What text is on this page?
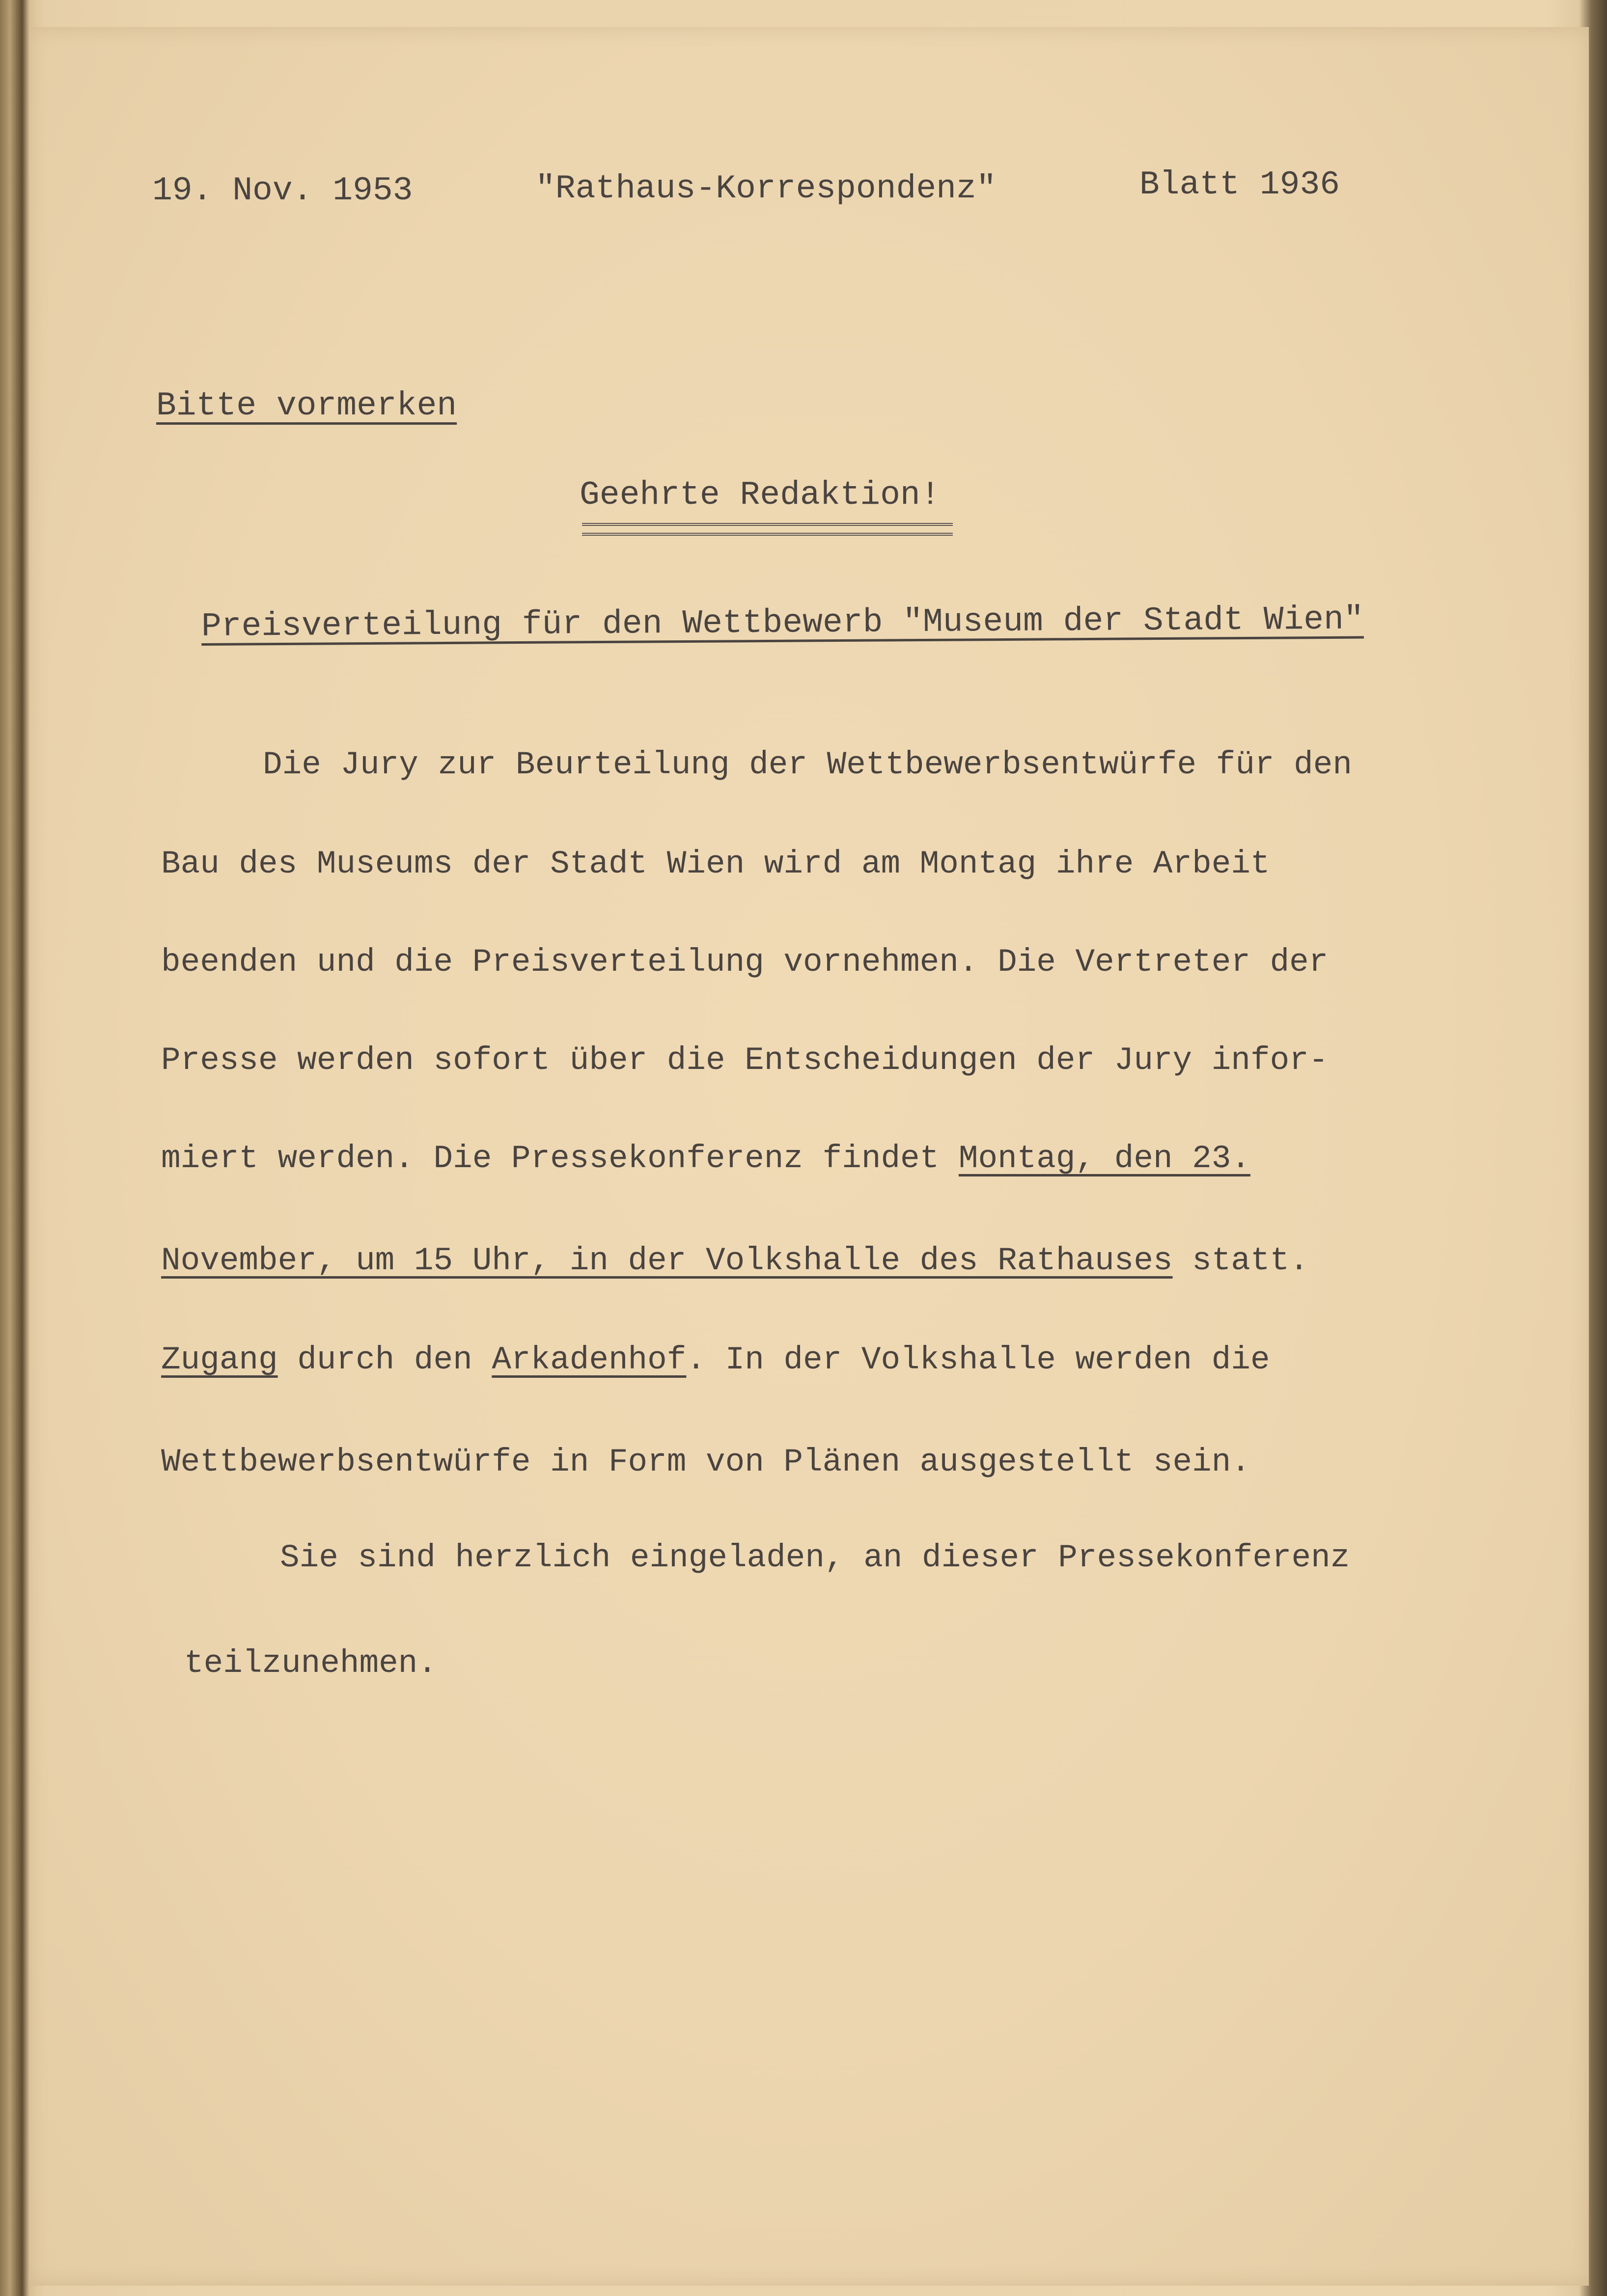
19. Nov. 1953	"Rathaus-Korrespondenz"	Blatt 1936
Bitte vormerken
Geehrte Redaktion!
Preisverteilung für den Wettbewerb "Museum der Stadt Wien"
Die Jury zur Beurteilung der Wettbewerbsentwürfe für den
Bau des Museums der Stadt Wien wird am Montag ihre Arbeit
beenden und die Preisverteilung vornehmen. Die Vertreter der
Presse werden sofort über die Entscheidungen der Jury infor-
miert werden. Die Pressekonferenz findet Montag, den 23.
November, um 15 Uhr, in der Volkshalle des Rathauses statt.
Zugang durch den Arkadenhof. In der Volkshalle werden die
Wettbewerbsentwürfe in Form von Plänen ausgestellt sein.
Sie sind herzlich eingeladen, an dieser Pressekonferenz
teilzunehmen.
